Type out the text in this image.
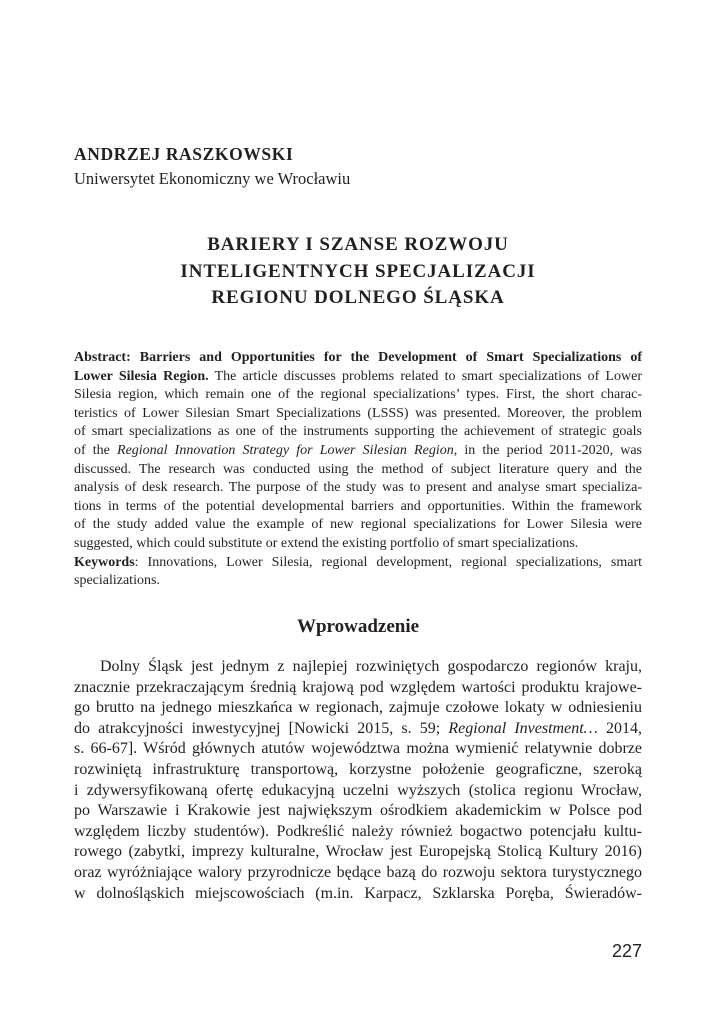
ANDRZEJ RASZKOWSKI
Uniwersytet Ekonomiczny we Wrocławiu
BARIERY I SZANSE ROZWOJU
INTELIGENTNYCH SPECJALIZACJI
REGIONU DOLNEGO ŚLĄSKA
Abstract: Barriers and Opportunities for the Development of Smart Specializations of
Lower Silesia Region. The article discusses problems related to smart specializations of Lower
Silesia region, which remain one of the regional specializations’ types. First, the short charac-
teristics of Lower Silesian Smart Specializations (LSSS) was presented. Moreover, the problem
of smart specializations as one of the instruments supporting the achievement of strategic goals
of the Regional Innovation Strategy for Lower Silesian Region, in the period 2011-2020, was
discussed. The research was conducted using the method of subject literature query and the
analysis of desk research. The purpose of the study was to present and analyse smart specializa-
tions in terms of the potential developmental barriers and opportunities. Within the framework
of the study added value the example of new regional specializations for Lower Silesia were
suggested, which could substitute or extend the existing portfolio of smart specializations.
Keywords: Innovations, Lower Silesia, regional development, regional specializations, smart
specializations.
Wprowadzenie
Dolny Śląsk jest jednym z najlepiej rozwiniętych gospodarczo regionów kraju,
znacznie przekraczającym średnią krajową pod względem wartości produktu krajowe-
go brutto na jednego mieszkańca w regionach, zajmuje czołowe lokaty w odniesieniu
do atrakcyjności inwestycyjnej [Nowicki 2015, s. 59; Regional Investment… 2014,
s. 66-67]. Wśród głównych atutów województwa można wymienić relatywnie dobrze
rozwiniętą infrastrukturę transportową, korzystne położenie geograficzne, szeroką
i zdywersyfikowaną ofertę edukacyjną uczelni wyższych (stolica regionu Wrocław,
po Warszawie i Krakowie jest największym ośrodkiem akademickim w Polsce pod
względem liczby studentów). Podkreślić należy również bogactwo potencjału kultu-
rowego (zabytki, imprezy kulturalne, Wrocław jest Europejską Stolicą Kultury 2016)
oraz wyróżniające walory przyrodnicze będące bazą do rozwoju sektora turystycznego
w dolnośląskich miejscowościach (m.in. Karpacz, Szklarska Poręba, Świeradów-
227
